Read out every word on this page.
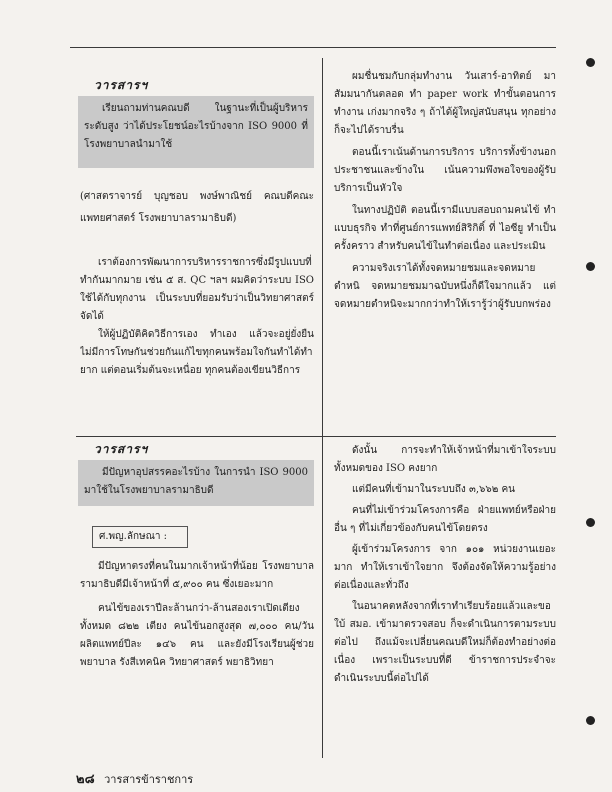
วารสารฯ

เรียนถามท่านคณบดี ในฐานะที่เป็นผู้บริหารระดับสูง ว่าได้ประโยชน์อะไรบ้างจาก ISO 9000 ที่โรงพยาบาลนำมาใช้

(ศาสตราจารย์ บุญชอบ พงษ์พาณิชย์ คณบดีคณะแพทยศาสตร์ โรงพยาบาลรามาธิบดี)

เราต้องการพัฒนาการบริหารราชการซึ่งมีรูปแบบที่ทำกันมากมาย เช่น ๕ ส. QC ฯลฯ ผมคิดว่าระบบ ISO ใช้ได้กับทุกงาน เป็นระบบที่ยอมรับว่าเป็นวิทยาศาสตร์ จัดได้

ให้ผู้ปฏิบัติคิดวิธีการเอง ทำเอง แล้วจะอยู่ยั่งยืน ไม่มีการโทษกันช่วยกันแก้ไขทุกคนพร้อมใจกันทำได้ทำยาก แต่ตอนเริ่มต้นจะเหนื่อย ทุกคนต้องเขียนวิธีการ

ผมชื่นชมกับกลุ่มทำงาน วันเสาร์-อาทิตย์ มาสัมมนากันตลอด ทำ paper work ทำขั้นตอนการทำงาน เก่งมากจริง ๆ ถ้าได้ผู้ใหญ่สนับสนุน ทุกอย่างก็จะไปได้ราบรื่น

ตอนนี้เราเน้นด้านการบริการ บริการทั้งข้างนอก ประชาชนและข้างใน เน้นความพึงพอใจของผู้รับบริการเป็นหัวใจ

ในทางปฏิบัติ ตอนนี้เรามีแบบสอบถามคนไข้ ทำแบบธุรกิจ ทำที่ศูนย์การแพทย์สิริกิติ์ ที่ ไอซียู ทำเป็นครั้งคราว สำหรับคนไข้ในทำต่อเนื่อง และประเมิน

ความจริงเราได้ทั้งจดหมายชมและจดหมายตำหนิ จดหมายชมมาฉบับหนึ่งก็ดีใจมากแล้ว แต่จดหมายตำหนิจะมากกว่าทำให้เรารู้ว่าผู้รับบกพร่อง

วารสารฯ

มีปัญหาอุปสรรคอะไรบ้าง ในการนำ ISO 9000 มาใช้ในโรงพยาบาลรามาธิบดี

ศ.พญ.ลักษณา :

มีปัญหาตรงที่คนในมากเจ้าหน้าที่น้อย โรงพยาบาลรามาธิบดีมีเจ้าหน้าที่ ๕,๙๐๐ คน ซึ่งเยอะมาก

คนไข้ของเราปีละล้านกว่า-ล้านสองเราเปิดเตียงทั้งหมด ๘๒๒ เตียง คนไข้นอกสูงสุด ๗,๐๐๐ คน/วัน ผลิตแพทย์ปีละ ๑๔๖ คน และยังมีโรงเรียนผู้ช่วยพยาบาล รังสีเทคนิค วิทยาศาสตร์ พยาธิวิทยา

ดังนั้น การจะทำให้เจ้าหน้าที่มาเข้าใจระบบทั้งหมดของ ISO คงยาก

แต่มีคนที่เข้ามาในระบบถึง ๓,๖๖๒ คน

คนที่ไม่เข้าร่วมโครงการคือ ฝ่ายแพทย์หรือฝ่ายอื่น ๆ ที่ไม่เกี่ยวข้องกับคนไข้โดยตรง

ผู้เข้าร่วมโครงการ จาก ๑๐๑ หน่วยงานเยอะมาก ทำให้เราเข้าใจยาก จึงต้องจัดให้ความรู้อย่างต่อเนื่องและทั่วถึง

ในอนาคตหลังจากที่เราทำเรียบร้อยแล้วและขอใบ้ สมอ. เข้ามาตรวจสอบ ก็จะดำเนินการตามระบบต่อไป ถึงแม้จะเปลี่ยนคณบดีใหม่ก็ต้องทำอย่างต่อเนื่อง เพราะเป็นระบบที่ดี ข้าราชการประจำจะดำเนินระบบนี้ต่อไปได้

๒๘ วารสารข้าราชการ
